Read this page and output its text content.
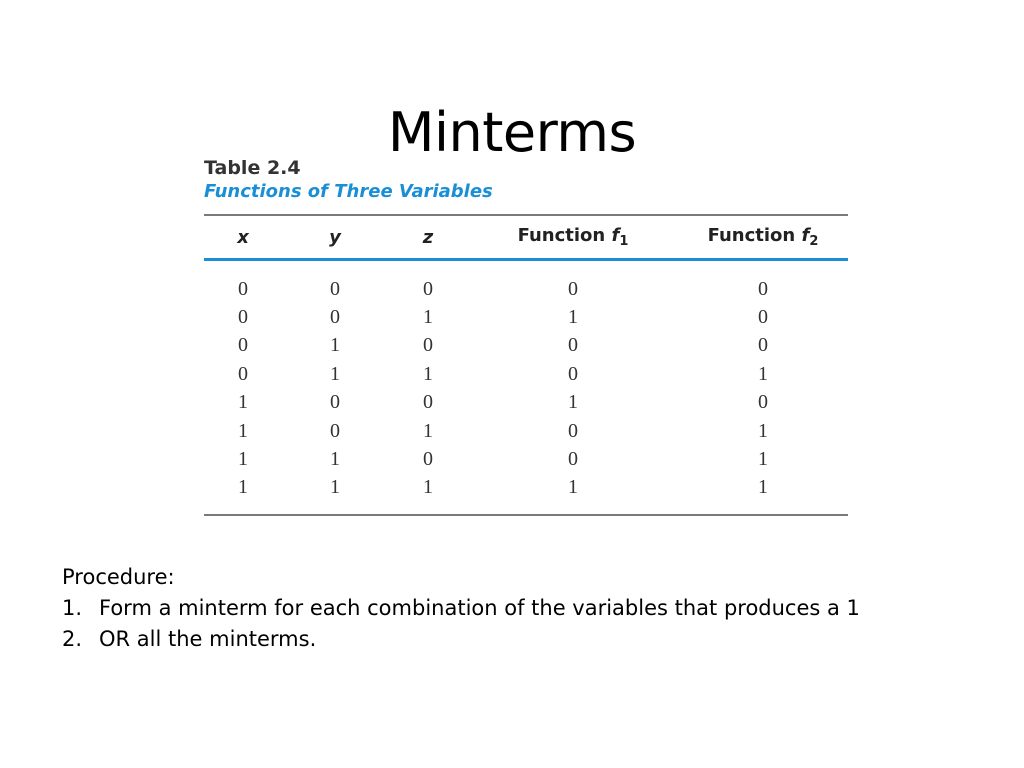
Minterms
Table 2.4
Functions of Three Variables
x	y	z	Function $f_1$	Function $f_2$
0	0	0	0	0
0	0	1	1	0
0	1	0	0	0
0	1	1	0	1
1	0	0	1	0
1	0	1	0	1
1	1	0	0	1
1	1	1	1	1
Procedure:
1. Form a minterm for each combination of the variables that produces a 1
2. OR all the minterms.
